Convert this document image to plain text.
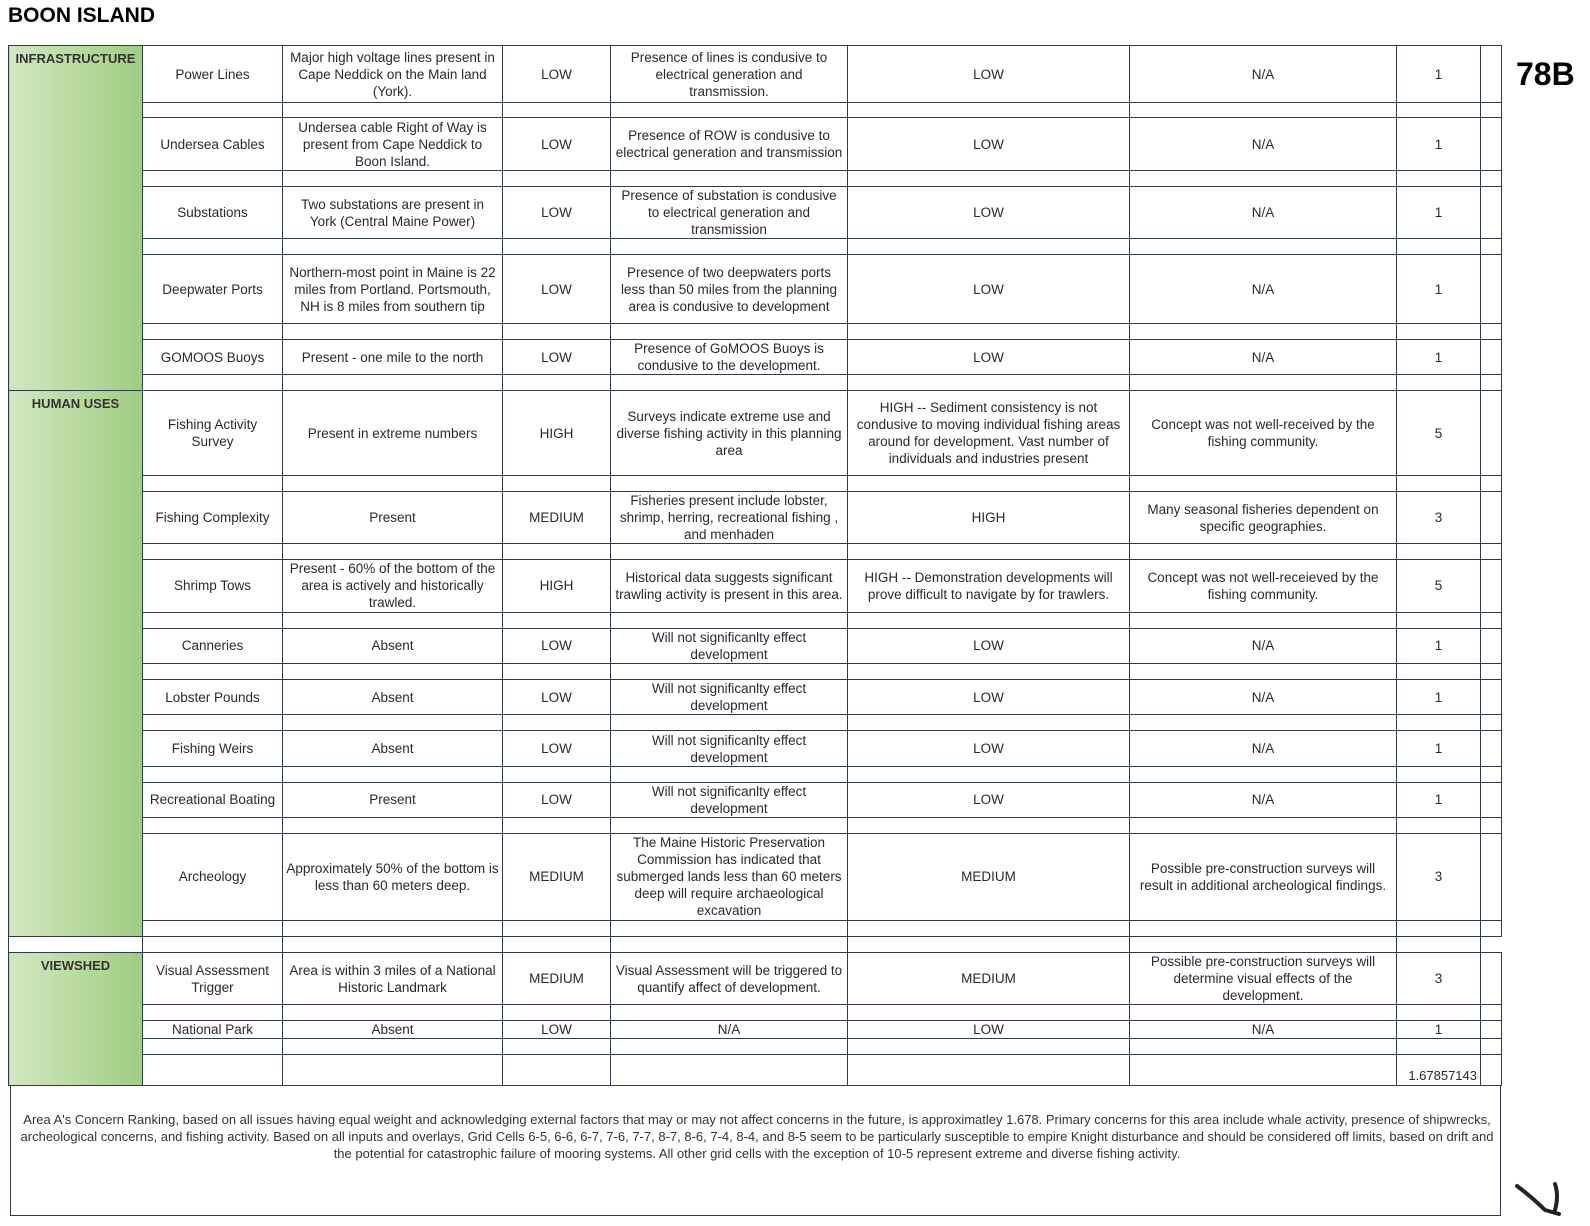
BOON ISLAND
78B
INFRASTRUCTURE	Power Lines	Major high voltage lines present in Cape Neddick on the Main land (York).	LOW	Presence of lines is condusive to electrical generation and transmission.	LOW	N/A	1	

	Undersea Cables	Undersea cable Right of Way is present from Cape Neddick to Boon Island.	LOW	Presence of ROW is condusive to electrical generation and transmission	LOW	N/A	1	

	Substations	Two substations are present in York (Central Maine Power)	LOW	Presence of substation is condusive to electrical generation and transmission	LOW	N/A	1	

	Deepwater Ports	Northern-most point in Maine is 22 miles from Portland. Portsmouth, NH is 8 miles from southern tip	LOW	Presence of two deepwaters ports less than 50 miles from the planning area is condusive to development	LOW	N/A	1	

	GOMOOS Buoys	Present - one mile to the north	LOW	Presence of GoMOOS Buoys is condusive to the development.	LOW	N/A	1	

HUMAN USES	Fishing Activity Survey	Present in extreme numbers	HIGH	Surveys indicate extreme use and diverse fishing activity in this planning area	HIGH -- Sediment consistency is not condusive to moving individual fishing areas around for development. Vast number of individuals and industries present	Concept was not well-received by the fishing community.	5	

	Fishing Complexity	Present	MEDIUM	Fisheries present include lobster, shrimp, herring, recreational fishing , and menhaden	HIGH	Many seasonal fisheries dependent on specific geographies.	3	

	Shrimp Tows	Present - 60% of the bottom of the area is actively and historically trawled.	HIGH	Historical data suggests significant trawling activity is present in this area.	HIGH -- Demonstration developments will prove difficult to navigate by for trawlers.	Concept was not well-receieved by the fishing community.	5	

	Canneries	Absent	LOW	Will not significanlty effect development	LOW	N/A	1	

	Lobster Pounds	Absent	LOW	Will not significanlty effect development	LOW	N/A	1	

	Fishing Weirs	Absent	LOW	Will not significanlty effect development	LOW	N/A	1	

	Recreational Boating	Present	LOW	Will not significanlty effect development	LOW	N/A	1	

	Archeology	Approximately 50% of the bottom is less than 60 meters deep.	MEDIUM	The Maine Historic Preservation Commission has indicated that submerged lands less than 60 meters deep will require archaeological excavation	MEDIUM	Possible pre-construction surveys will result in additional archeological findings.	3	

VIEWSHED	Visual Assessment Trigger	Area is within 3 miles of a National Historic Landmark	MEDIUM	Visual Assessment will be triggered to quantify affect of development.	MEDIUM	Possible pre-construction surveys will determine visual effects of the development.	3	

	National Park	Absent	LOW	N/A	LOW	N/A	1	

							1.67857143	
Area A's Concern Ranking, based on all issues having equal weight and acknowledging external factors that may or may not affect concerns in the future, is approximatley 1.678. Primary concerns for this area include whale activity, presence of shipwrecks, archeological concerns, and fishing activity. Based on all inputs and overlays, Grid Cells 6-5, 6-6, 6-7, 7-6, 7-7, 8-7, 8-6, 7-4, 8-4, and 8-5 seem to be particularly susceptible to empire Knight disturbance and should be considered off limits, based on drift and the potential for catastrophic failure of mooring systems. All other grid cells with the exception of 10-5 represent extreme and diverse fishing activity.
